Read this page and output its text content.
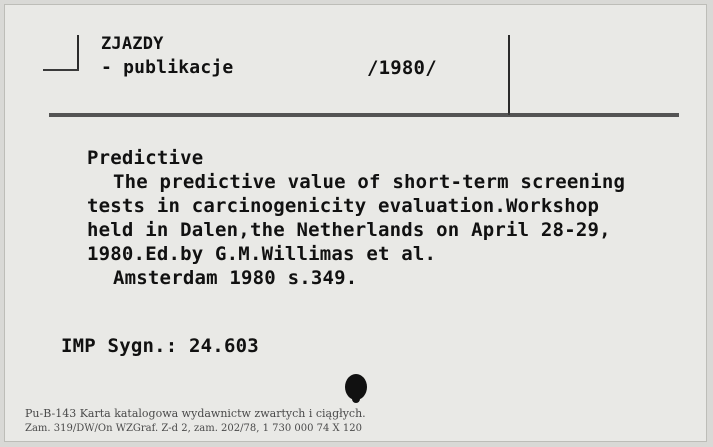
ZJAZDY
- publikacje	/1980/
Predictive
The predictive value of short-term screening
tests in carcinogenicity evaluation.Workshop
held in Dalen,the Netherlands on April 28-29,
1980.Ed.by G.M.Willimas et al.
Amsterdam 1980 s.349.
IMP Sygn.: 24.603
Pu-B-143 Karta katalogowa wydawnictw zwartych i ciągłych.
Zam. 319/DW/On WZGraf. Z-d 2, zam. 202/78, 1 730 000 74 X 120
